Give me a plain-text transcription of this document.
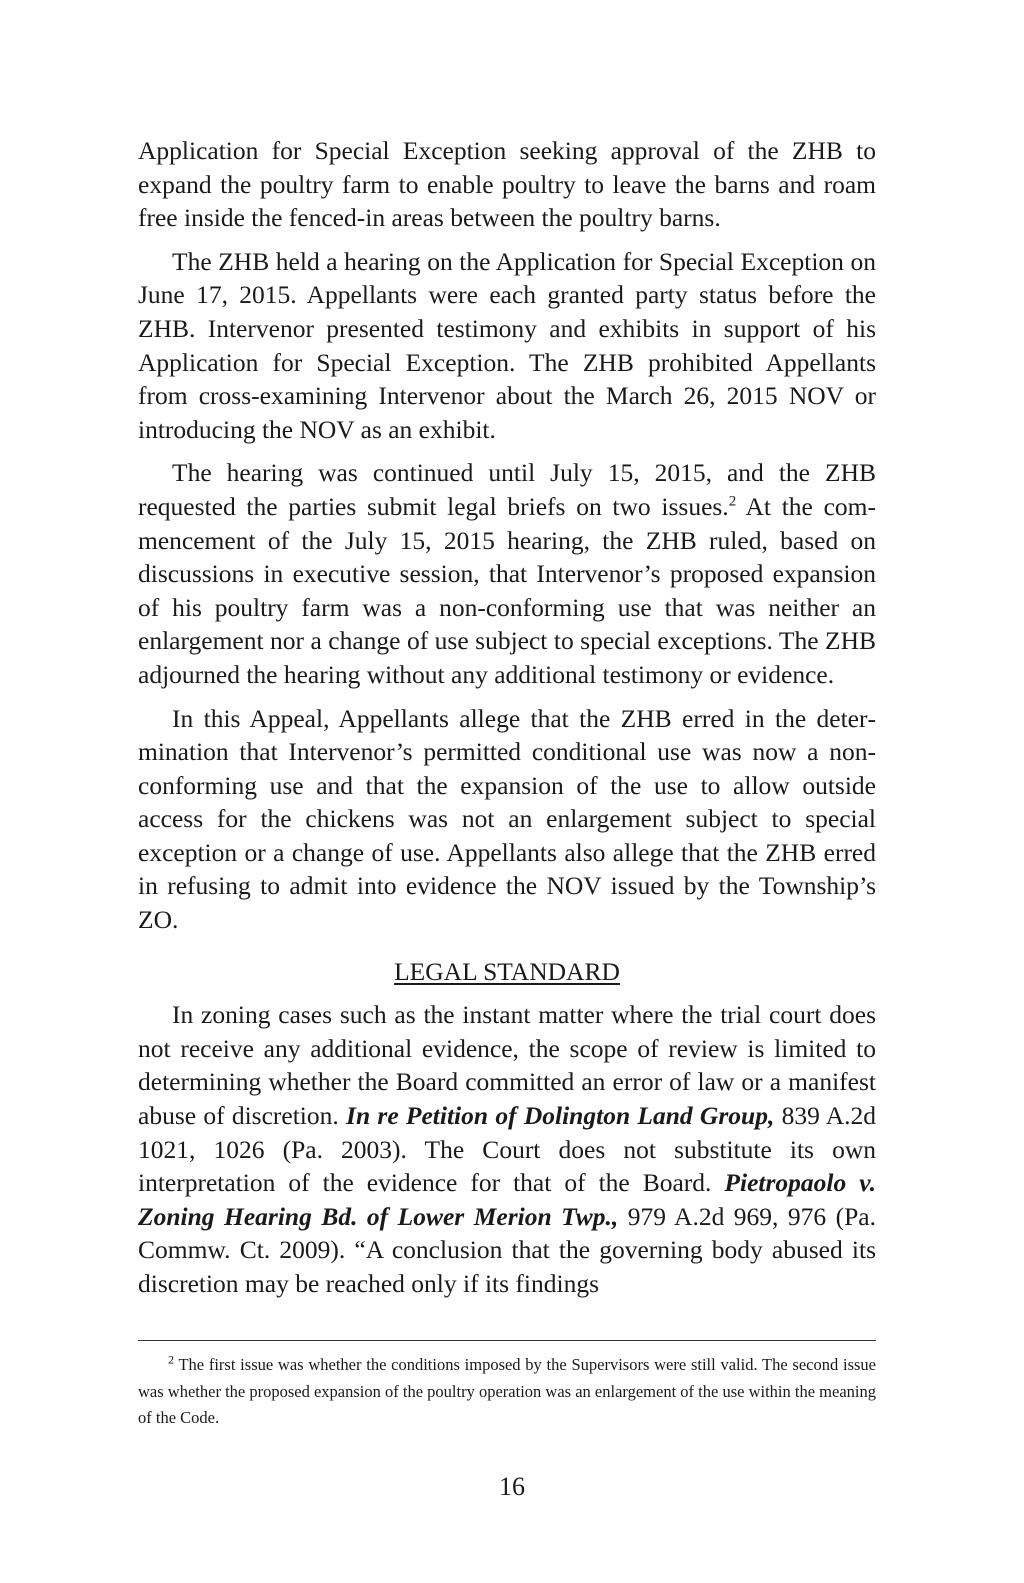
Application for Special Exception seeking approval of the ZHB to expand the poultry farm to enable poultry to leave the barns and roam free inside the fenced-in areas between the poultry barns.

The ZHB held a hearing on the Application for Special Exception on June 17, 2015. Appellants were each granted party status before the ZHB. Intervenor presented testimony and exhibits in support of his Application for Special Exception. The ZHB prohibited Appellants from cross-examining Intervenor about the March 26, 2015 NOV or introducing the NOV as an exhibit.

The hearing was continued until July 15, 2015, and the ZHB requested the parties submit legal briefs on two issues.$^2$ At the commencement of the July 15, 2015 hearing, the ZHB ruled, based on discussions in executive session, that Intervenor’s proposed expansion of his poultry farm was a non-conforming use that was neither an enlargement nor a change of use subject to special exceptions. The ZHB adjourned the hearing without any additional testimony or evidence.

In this Appeal, Appellants allege that the ZHB erred in the determination that Intervenor’s permitted conditional use was now a nonconforming use and that the expansion of the use to allow outside access for the chickens was not an enlargement subject to special exception or a change of use. Appellants also allege that the ZHB erred in refusing to admit into evidence the NOV issued by the Township’s ZO.

LEGAL STANDARD

In zoning cases such as the instant matter where the trial court does not receive any additional evidence, the scope of review is limited to determining whether the Board committed an error of law or a manifest abuse of discretion. In re Petition of Dolington Land Group, 839 A.2d 1021, 1026 (Pa. 2003). The Court does not substitute its own interpretation of the evidence for that of the Board. Pietropaolo v. Zoning Hearing Bd. of Lower Merion Twp., 979 A.2d 969, 976 (Pa. Commw. Ct. 2009). “A conclusion that the governing body abused its discretion may be reached only if its findings

$^2$ The first issue was whether the conditions imposed by the Supervisors were still valid. The second issue was whether the proposed expansion of the poultry operation was an enlargement of the use within the meaning of the Code.

16
